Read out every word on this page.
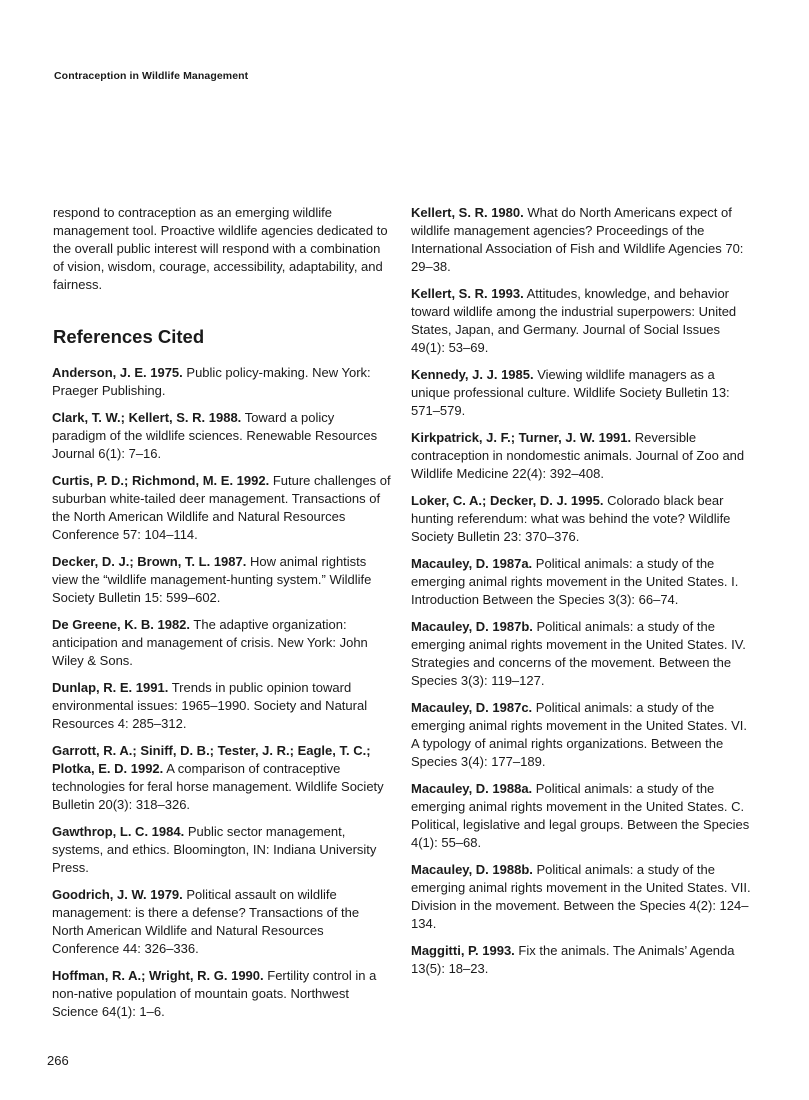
Contraception in Wildlife Management

respond to contraception as an emerging wildlife management tool. Proactive wildlife agencies dedicated to the overall public interest will respond with a combination of vision, wisdom, courage, accessibility, adaptability, and fairness.

References Cited
Anderson, J. E. 1975. Public policy-making. New York: Praeger Publishing.
Clark, T. W.; Kellert, S. R. 1988. Toward a policy paradigm of the wildlife sciences. Renewable Resources Journal 6(1): 7–16.
Curtis, P. D.; Richmond, M. E. 1992. Future challenges of suburban white-tailed deer management. Transactions of the North American Wildlife and Natural Resources Conference 57: 104–114.
Decker, D. J.; Brown, T. L. 1987. How animal rightists view the “wildlife management-hunting system.” Wildlife Society Bulletin 15: 599–602.
De Greene, K. B. 1982. The adaptive organization: anticipation and management of crisis. New York: John Wiley & Sons.
Dunlap, R. E. 1991. Trends in public opinion toward environmental issues: 1965–1990. Society and Natural Resources 4: 285–312.
Garrott, R. A.; Siniff, D. B.; Tester, J. R.; Eagle, T. C.; Plotka, E. D. 1992. A comparison of contraceptive technologies for feral horse management. Wildlife Society Bulletin 20(3): 318–326.
Gawthrop, L. C. 1984. Public sector management, systems, and ethics. Bloomington, IN: Indiana University Press.
Goodrich, J. W. 1979. Political assault on wildlife management: is there a defense? Transactions of the North American Wildlife and Natural Resources Conference 44: 326–336.
Hoffman, R. A.; Wright, R. G. 1990. Fertility control in a non-native population of mountain goats. Northwest Science 64(1): 1–6.
Kellert, S. R. 1980. What do North Americans expect of wildlife management agencies? Proceedings of the International Association of Fish and Wildlife Agencies 70: 29–38.
Kellert, S. R. 1993. Attitudes, knowledge, and behavior toward wildlife among the industrial superpowers: United States, Japan, and Germany. Journal of Social Issues 49(1): 53–69.
Kennedy, J. J. 1985. Viewing wildlife managers as a unique professional culture. Wildlife Society Bulletin 13: 571–579.
Kirkpatrick, J. F.; Turner, J. W. 1991. Reversible contraception in nondomestic animals. Journal of Zoo and Wildlife Medicine 22(4): 392–408.
Loker, C. A.; Decker, D. J. 1995. Colorado black bear hunting referendum: what was behind the vote? Wildlife Society Bulletin 23: 370–376.
Macauley, D. 1987a. Political animals: a study of the emerging animal rights movement in the United States. I. Introduction Between the Species 3(3): 66–74.
Macauley, D. 1987b. Political animals: a study of the emerging animal rights movement in the United States. IV. Strategies and concerns of the movement. Between the Species 3(3): 119–127.
Macauley, D. 1987c. Political animals: a study of the emerging animal rights movement in the United States. VI. A typology of animal rights organizations. Between the Species 3(4): 177–189.
Macauley, D. 1988a. Political animals: a study of the emerging animal rights movement in the United States. C. Political, legislative and legal groups. Between the Species 4(1): 55–68.
Macauley, D. 1988b. Political animals: a study of the emerging animal rights movement in the United States. VII. Division in the movement. Between the Species 4(2): 124–134.
Maggitti, P. 1993. Fix the animals. The Animals’ Agenda 13(5): 18–23.
266
